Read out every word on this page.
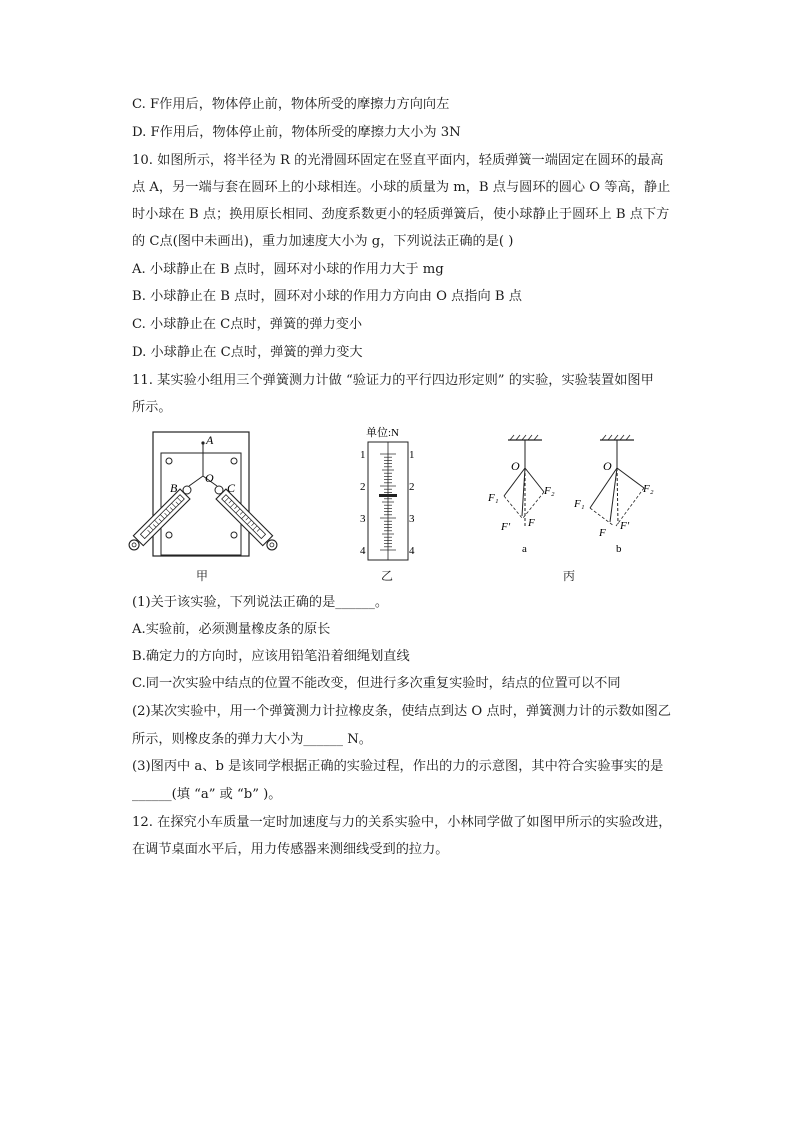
C. F作用后，物体停止前，物体所受的摩擦力方向向左
D. F作用后，物体停止前，物体所受的摩擦力大小为 3N
10. 如图所示，将半径为 R 的光滑圆环固定在竖直平面内，轻质弹簧一端固定在圆环的最高
点 A，另一端与套在圆环上的小球相连。小球的质量为 m，B 点与圆环的圆心 O 等高，静止
时小球在 B 点；换用原长相同、劲度系数更小的轻质弹簧后，使小球静止于圆环上 B 点下方
的 C点(图中未画出)，重力加速度大小为 g，下列说法正确的是( )
A. 小球静止在 B 点时，圆环对小球的作用力大于 mg
B. 小球静止在 B 点时，圆环对小球的作用力方向由 O 点指向 B 点
C. 小球静止在 C点时，弹簧的弹力变小
D. 小球静止在 C点时，弹簧的弹力变大
11. 某实验小组用三个弹簧测力计做 “验证力的平行四边形定则” 的实验，实验装置如图甲
所示。
A
O
B	C
甲
单位:N
1
2
3
4
1
2
3
4
乙
O
F₁
F₂
F′ F
a
O
F₁
F₂
F
F′
b
丙
(1)关于该实验，下列说法正确的是______。
A.实验前，必须测量橡皮条的原长
B.确定力的方向时，应该用铅笔沿着细绳划直线
C.同一次实验中结点的位置不能改变，但进行多次重复实验时，结点的位置可以不同
(2)某次实验中，用一个弹簧测力计拉橡皮条，使结点到达 O 点时，弹簧测力计的示数如图乙
所示，则橡皮条的弹力大小为______ N。
(3)图丙中 a、b 是该同学根据正确的实验过程，作出的力的示意图，其中符合实验事实的是
______(填 “a” 或 “b” )。
12. 在探究小车质量一定时加速度与力的关系实验中，小林同学做了如图甲所示的实验改进，
在调节桌面水平后，用力传感器来测细线受到的拉力。
